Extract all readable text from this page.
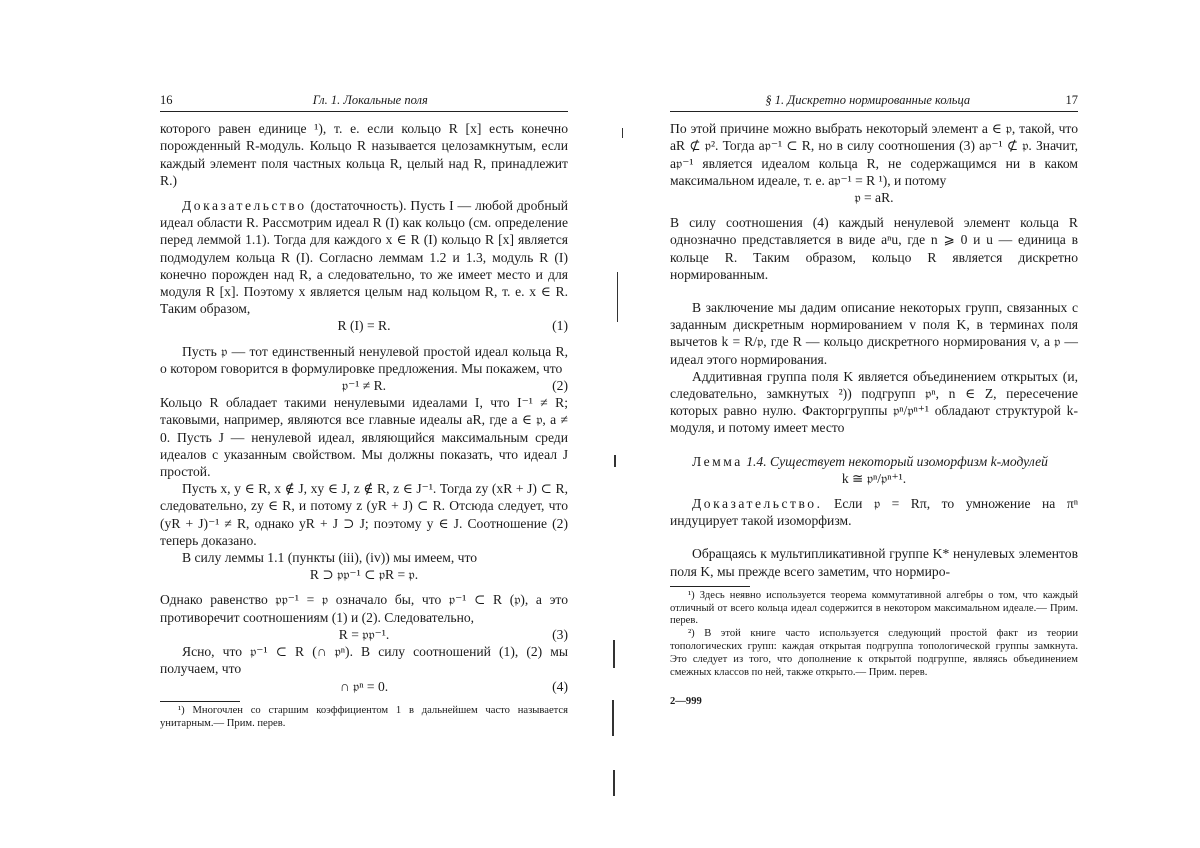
16	Гл. 1. Локальные поля

которого равен единице ¹), т. е. если кольцо R [x] есть конечно порожденный R-модуль. Кольцо R называется целозамкнутым, если каждый элемент поля частных кольца R, целый над R, принадлежит R.)

Доказательство (достаточность). Пусть I — любой дробный идеал области R. Рассмотрим идеал R (I) как кольцо (см. определение перед леммой 1.1). Тогда для каждого x ∈ R (I) кольцо R [x] является подмодулем кольца R (I). Согласно леммам 1.2 и 1.3, модуль R (I) конечно порожден над R, а следовательно, то же имеет место и для модуля R [x]. Поэтому x является целым над кольцом R, т. е. x ∈ R. Таким образом,

R (I) = R.	(1)

Пусть 𝔭 — тот единственный ненулевой простой идеал кольца R, о котором говорится в формулировке предложения. Мы покажем, что

𝔭⁻¹ ≠ R.	(2)

Кольцо R обладает такими ненулевыми идеалами I, что I⁻¹ ≠ R; таковыми, например, являются все главные идеалы aR, где a ∈ 𝔭, a ≠ 0. Пусть J — ненулевой идеал, являющийся максимальным среди идеалов с указанным свойством. Мы должны показать, что идеал J простой.

Пусть x, y ∈ R, x ∉ J, xy ∈ J, z ∉ R, z ∈ J⁻¹. Тогда zy (xR + J) ⊂ R, следовательно, zy ∈ R, и потому z (yR + J) ⊂ R. Отсюда следует, что (yR + J)⁻¹ ≠ R, однако yR + J ⊃ J; поэтому y ∈ J. Соотношение (2) теперь доказано.

В силу леммы 1.1 (пункты (iii), (iv)) мы имеем, что

R ⊃ 𝔭𝔭⁻¹ ⊂ 𝔭R = 𝔭.

Однако равенство 𝔭𝔭⁻¹ = 𝔭 означало бы, что 𝔭⁻¹ ⊂ R (𝔭), а это противоречит соотношениям (1) и (2). Следовательно,

R = 𝔭𝔭⁻¹.	(3)

Ясно, что 𝔭⁻¹ ⊂ R (∩ 𝔭ⁿ). В силу соотношений (1), (2) мы получаем, что

∩ 𝔭ⁿ = 0.	(4)

¹) Многочлен со старшим коэффициентом 1 в дальнейшем часто называется унитарным.— Прим. перев.

§ 1. Дискретно нормированные кольца	17

По этой причине можно выбрать некоторый элемент a ∈ 𝔭, такой, что aR ⊄ 𝔭². Тогда a𝔭⁻¹ ⊂ R, но в силу соотношения (3) a𝔭⁻¹ ⊄ 𝔭. Значит, a𝔭⁻¹ является идеалом кольца R, не содержащимся ни в каком максимальном идеале, т. е. a𝔭⁻¹ = R ¹), и потому

𝔭 = aR.

В силу соотношения (4) каждый ненулевой элемент кольца R однозначно представляется в виде aⁿu, где n ⩾ 0 и u — единица в кольце R. Таким образом, кольцо R является дискретно нормированным.

В заключение мы дадим описание некоторых групп, связанных с заданным дискретным нормированием v поля K, в терминах поля вычетов k = R/𝔭, где R — кольцо дискретного нормирования v, а 𝔭 — идеал этого нормирования.

Аддитивная группа поля K является объединением открытых (и, следовательно, замкнутых ²)) подгрупп 𝔭ⁿ, n ∈ Z, пересечение которых равно нулю. Факторгруппы 𝔭ⁿ/𝔭ⁿ⁺¹ обладают структурой k-модуля, и потому имеет место

Лемма 1.4. Существует некоторый изоморфизм k-модулей

k ≅ 𝔭ⁿ/𝔭ⁿ⁺¹.

Доказательство. Если 𝔭 = Rπ, то умножение на πⁿ индуцирует такой изоморфизм.

Обращаясь к мультипликативной группе K* ненулевых элементов поля K, мы прежде всего заметим, что нормиро-

¹) Здесь неявно используется теорема коммутативной алгебры о том, что каждый отличный от всего кольца идеал содержится в некотором максимальном идеале.— Прим. перев.

²) В этой книге часто используется следующий простой факт из теории топологических групп: каждая открытая подгруппа топологической группы замкнута. Это следует из того, что дополнение к открытой подгруппе, являясь объединением смежных классов по ней, также открыто.— Прим. перев.

2—999
